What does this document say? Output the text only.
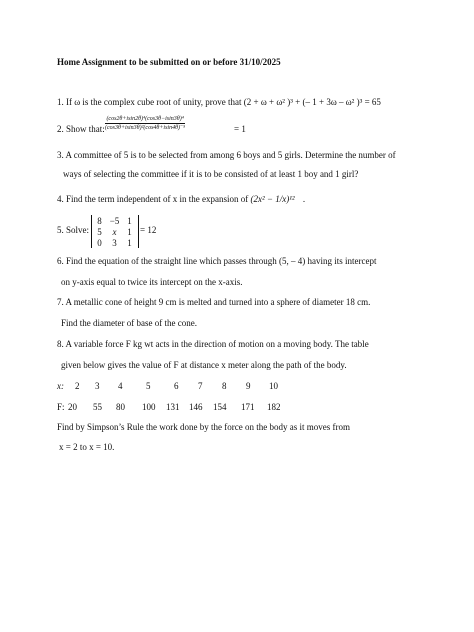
Home Assignment to be submitted on or before 31/10/2025
1. If ω is the complex cube root of unity, prove that (2 + ω + ω² )³ + (– 1 + 3ω – ω² )³ = 65
2. Show that: $\frac{\text{(cos2θ+isin2θ)⁴(cos3θ−isin3θ)⁴}}{\text{(cos3θ+isin3θ)²(cos4θ+isin4θ)⁻⁵}}$	= 1
3. A committee of 5 is to be selected from among 6 boys and 5 girls. Determine the number of
ways of selecting the committee if it is to be consisted of at least 1 boy and 1 girl?
4. Find the term independent of x in the expansion of (2x² − 1/x)¹² .
5. Solve:
8 −5 1
5	x	1
0	3	1
= 12
6. Find the equation of the straight line which passes through (5, – 4) having its intercept
on y-axis equal to twice its intercept on the x-axis.
7. A metallic cone of height 9 cm is melted and turned into a sphere of diameter 18 cm.
Find the diameter of base of the cone.
8. A variable force F kg wt acts in the direction of motion on a moving body. The table
given below gives the value of F at distance x meter along the path of the body.
x: 2 3 4	5	6 7 8 9 10
F: 20 55 80 100 131 146 154 171 182
Find by Simpson’s Rule the work done by the force on the body as it moves from
x = 2 to x = 10.
